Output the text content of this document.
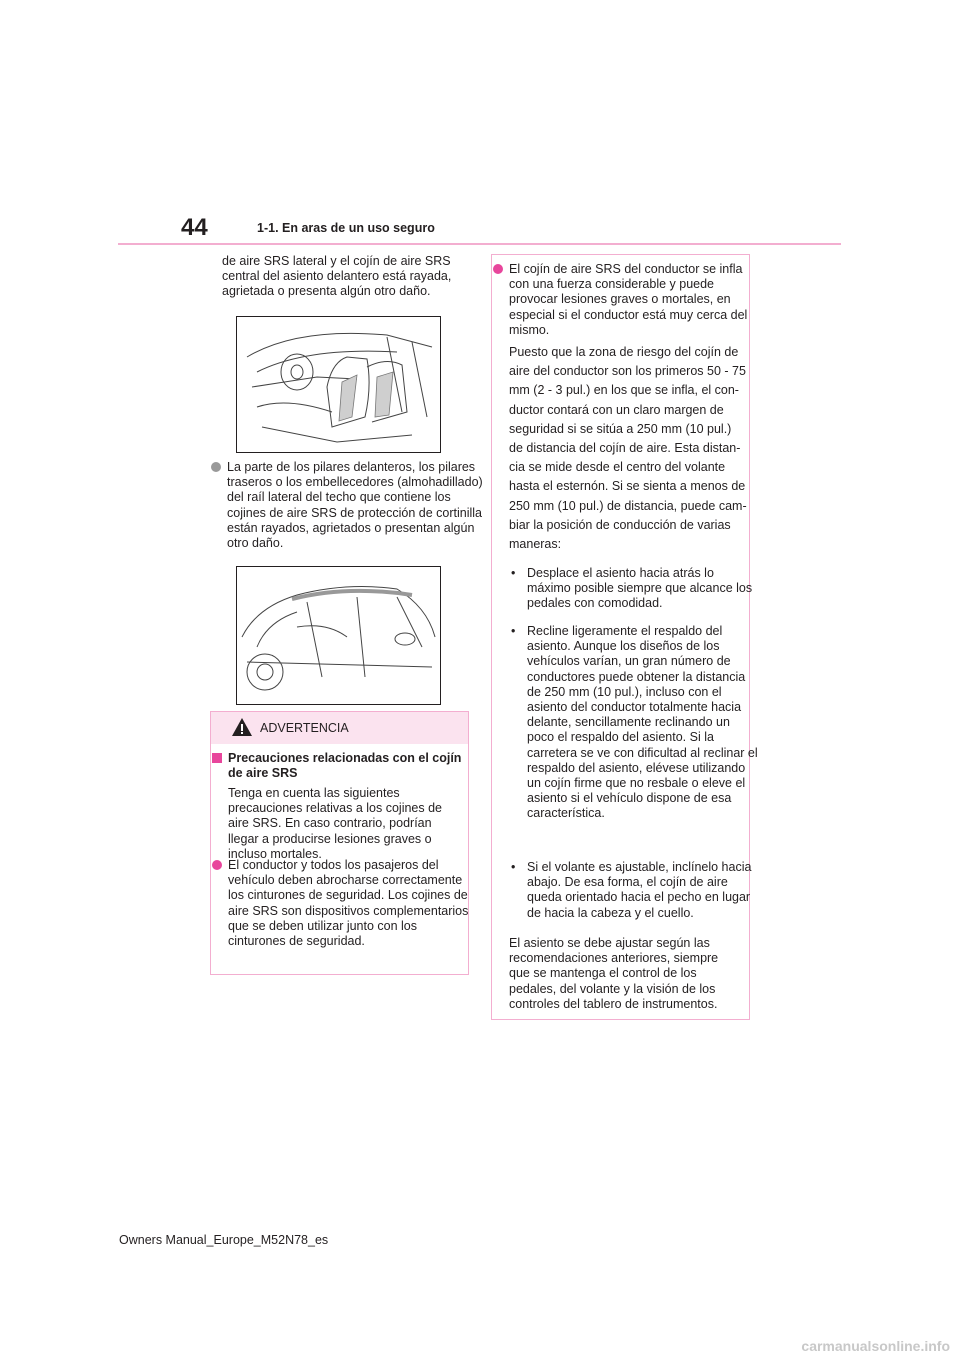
44	1-1. En aras de un uso seguro

de aire SRS lateral y el cojín de aire SRS central del asiento delantero está rayada, agrietada o presenta algún otro daño.

La parte de los pilares delanteros, los pilares traseros o los embellecedores (almohadillado) del raíl lateral del techo que contiene los cojines de aire SRS de protección de cortinilla están rayados, agrietados o presentan algún otro daño.

ADVERTENCIA

Precauciones relacionadas con el cojín de aire SRS

Tenga en cuenta las siguientes precauciones relativas a los cojines de aire SRS. En caso contrario, podrían llegar a producirse lesiones graves o incluso mortales.

El conductor y todos los pasajeros del vehículo deben abrocharse correctamente los cinturones de seguridad. Los cojines de aire SRS son dispositivos complementarios que se deben utilizar junto con los cinturones de seguridad.

El cojín de aire SRS del conductor se infla con una fuerza considerable y puede provocar lesiones graves o mortales, en especial si el conductor está muy cerca del mismo.

Puesto que la zona de riesgo del cojín de

aire del conductor son los primeros 50 - 75

mm (2 - 3 pul.) en los que se infla, el con-

ductor contará con un claro margen de

seguridad si se sitúa a 250 mm (10 pul.)

de distancia del cojín de aire. Esta distan-

cia se mide desde el centro del volante

hasta el esternón. Si se sienta a menos de

250 mm (10 pul.) de distancia, puede cam-

biar la posición de conducción de varias

maneras:

• Desplace el asiento hacia atrás lo máximo posible siempre que alcance los pedales con comodidad.

• Recline ligeramente el respaldo del asiento. Aunque los diseños de los vehículos varían, un gran número de conductores puede obtener la distancia de 250 mm (10 pul.), incluso con el asiento del conductor totalmente hacia delante, sencillamente reclinando un poco el respaldo del asiento. Si la carretera se ve con dificultad al reclinar el respaldo del asiento, elévese utilizando un cojín firme que no resbale o eleve el asiento si el vehículo dispone de esa característica.

• Si el volante es ajustable, inclínelo hacia abajo. De esa forma, el cojín de aire queda orientado hacia el pecho en lugar de hacia la cabeza y el cuello.

El asiento se debe ajustar según las recomendaciones anteriores, siempre que se mantenga el control de los pedales, del volante y la visión de los controles del tablero de instrumentos.

Owners Manual_Europe_M52N78_es
carmanualsonline.info
